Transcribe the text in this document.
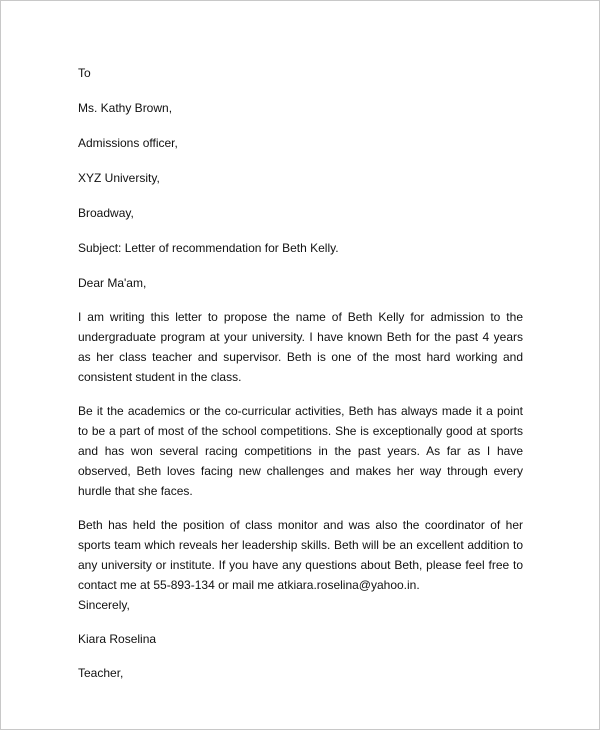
To

Ms. Kathy Brown,

Admissions officer,

XYZ University,

Broadway,

Subject: Letter of recommendation for Beth Kelly.

Dear Ma'am,

I am writing this letter to propose the name of Beth Kelly for admission to the undergraduate program at your university. I have known Beth for the past 4 years as her class teacher and supervisor. Beth is one of the most hard working and consistent student in the class.

Be it the academics or the co-curricular activities, Beth has always made it a point to be a part of most of the school competitions. She is exceptionally good at sports and has won several racing competitions in the past years. As far as I have observed, Beth loves facing new challenges and makes her way through every hurdle that she faces.

Beth has held the position of class monitor and was also the coordinator of her sports team which reveals her leadership skills. Beth will be an excellent addition to any university or institute. If you have any questions about Beth, please feel free to contact me at 55-893-134 or mail me atkiara.roselina@yahoo.in.

Sincerely,

Kiara Roselina

Teacher,
